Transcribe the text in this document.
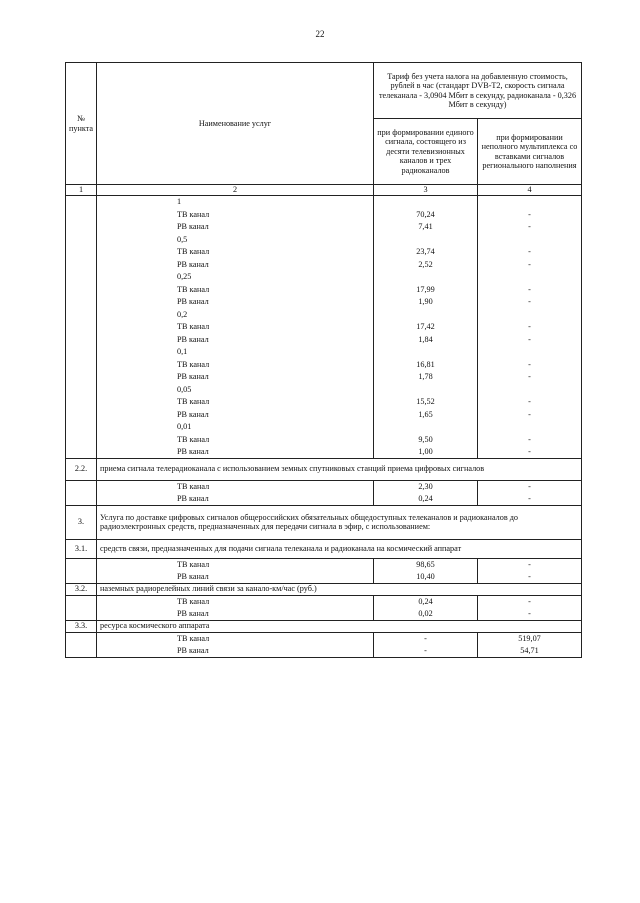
22
№ пункта	Наименование услуг	Тариф без учета налога на добавленную стоимость, рублей в час (стандарт DVB-T2, скорость сигнала телеканала - 3,0904 Мбит в секунду, радиоканала - 0,326 Мбит в секунду)	
		при формировании единого сигнала, состоящего из десяти телевизионных каналов и трех радиоканалов	при формировании неполного мультиплекса со вставками сигналов регионального наполнения
1	2	3	4
	1		
	ТВ канал	70,24	-
	РВ канал	7,41	-
	0,5		
	ТВ канал	23,74	-
	РВ канал	2,52	-
	0,25		
	ТВ канал	17,99	-
	РВ канал	1,90	-
	0,2		
	ТВ канал	17,42	-
	РВ канал	1,84	-
	0,1		
	ТВ канал	16,81	-
	РВ канал	1,78	-
	0,05		
	ТВ канал	15,52	-
	РВ канал	1,65	-
	0,01		
	ТВ канал	9,50	-
	РВ канал	1,00	-
2.2.	приема сигнала телерадиоканала с использованием земных спутниковых станций приема цифровых сигналов		
	ТВ канал	2,30	-
	РВ канал	0,24	-
3.	Услуга по доставке цифровых сигналов общероссийских обязательных общедоступных телеканалов и радиоканалов до радиоэлектронных средств, предназначенных для передачи сигнала в эфир, с использованием:		
3.1.	средств связи, предназначенных для подачи сигнала телеканала и радиоканала на космический аппарат		
	ТВ канал	98,65	-
	РВ канал	10,40	-
3.2.	наземных радиорелейных линий связи за канало-км/час (руб.)		
	ТВ канал	0,24	-
	РВ канал	0,02	-
3.3.	ресурса космического аппарата		
	ТВ канал	-	519,07
	РВ канал	-	54,71
